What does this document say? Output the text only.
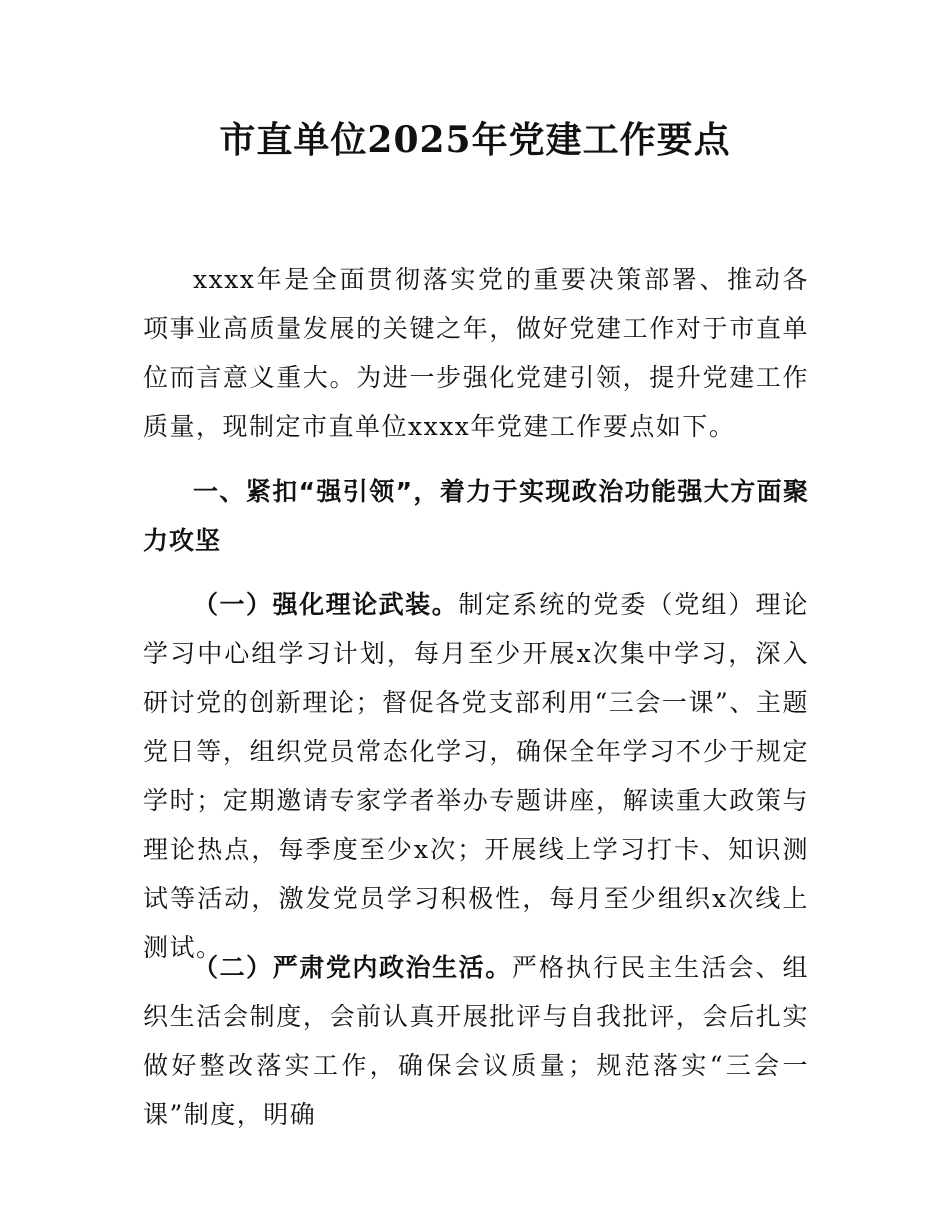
市直单位2025年党建工作要点

xxxx年是全面贯彻落实党的重要决策部署、推动各项事业高质量发展的关键之年，做好党建工作对于市直单位而言意义重大。为进一步强化党建引领，提升党建工作质量，现制定市直单位xxxx年党建工作要点如下。

一、紧扣“强引领”，着力于实现政治功能强大方面聚力攻坚

（一）强化理论武装。制定系统的党委（党组）理论学习中心组学习计划，每月至少开展x次集中学习，深入研讨党的创新理论；督促各党支部利用“三会一课”、主题党日等，组织党员常态化学习，确保全年学习不少于规定学时；定期邀请专家学者举办专题讲座，解读重大政策与理论热点，每季度至少x次；开展线上学习打卡、知识测试等活动，激发党员学习积极性，每月至少组织x次线上测试。

（二）严肃党内政治生活。严格执行民主生活会、组织生活会制度，会前认真开展批评与自我批评，会后扎实做好整改落实工作，确保会议质量；规范落实“三会一课”制度，明确
